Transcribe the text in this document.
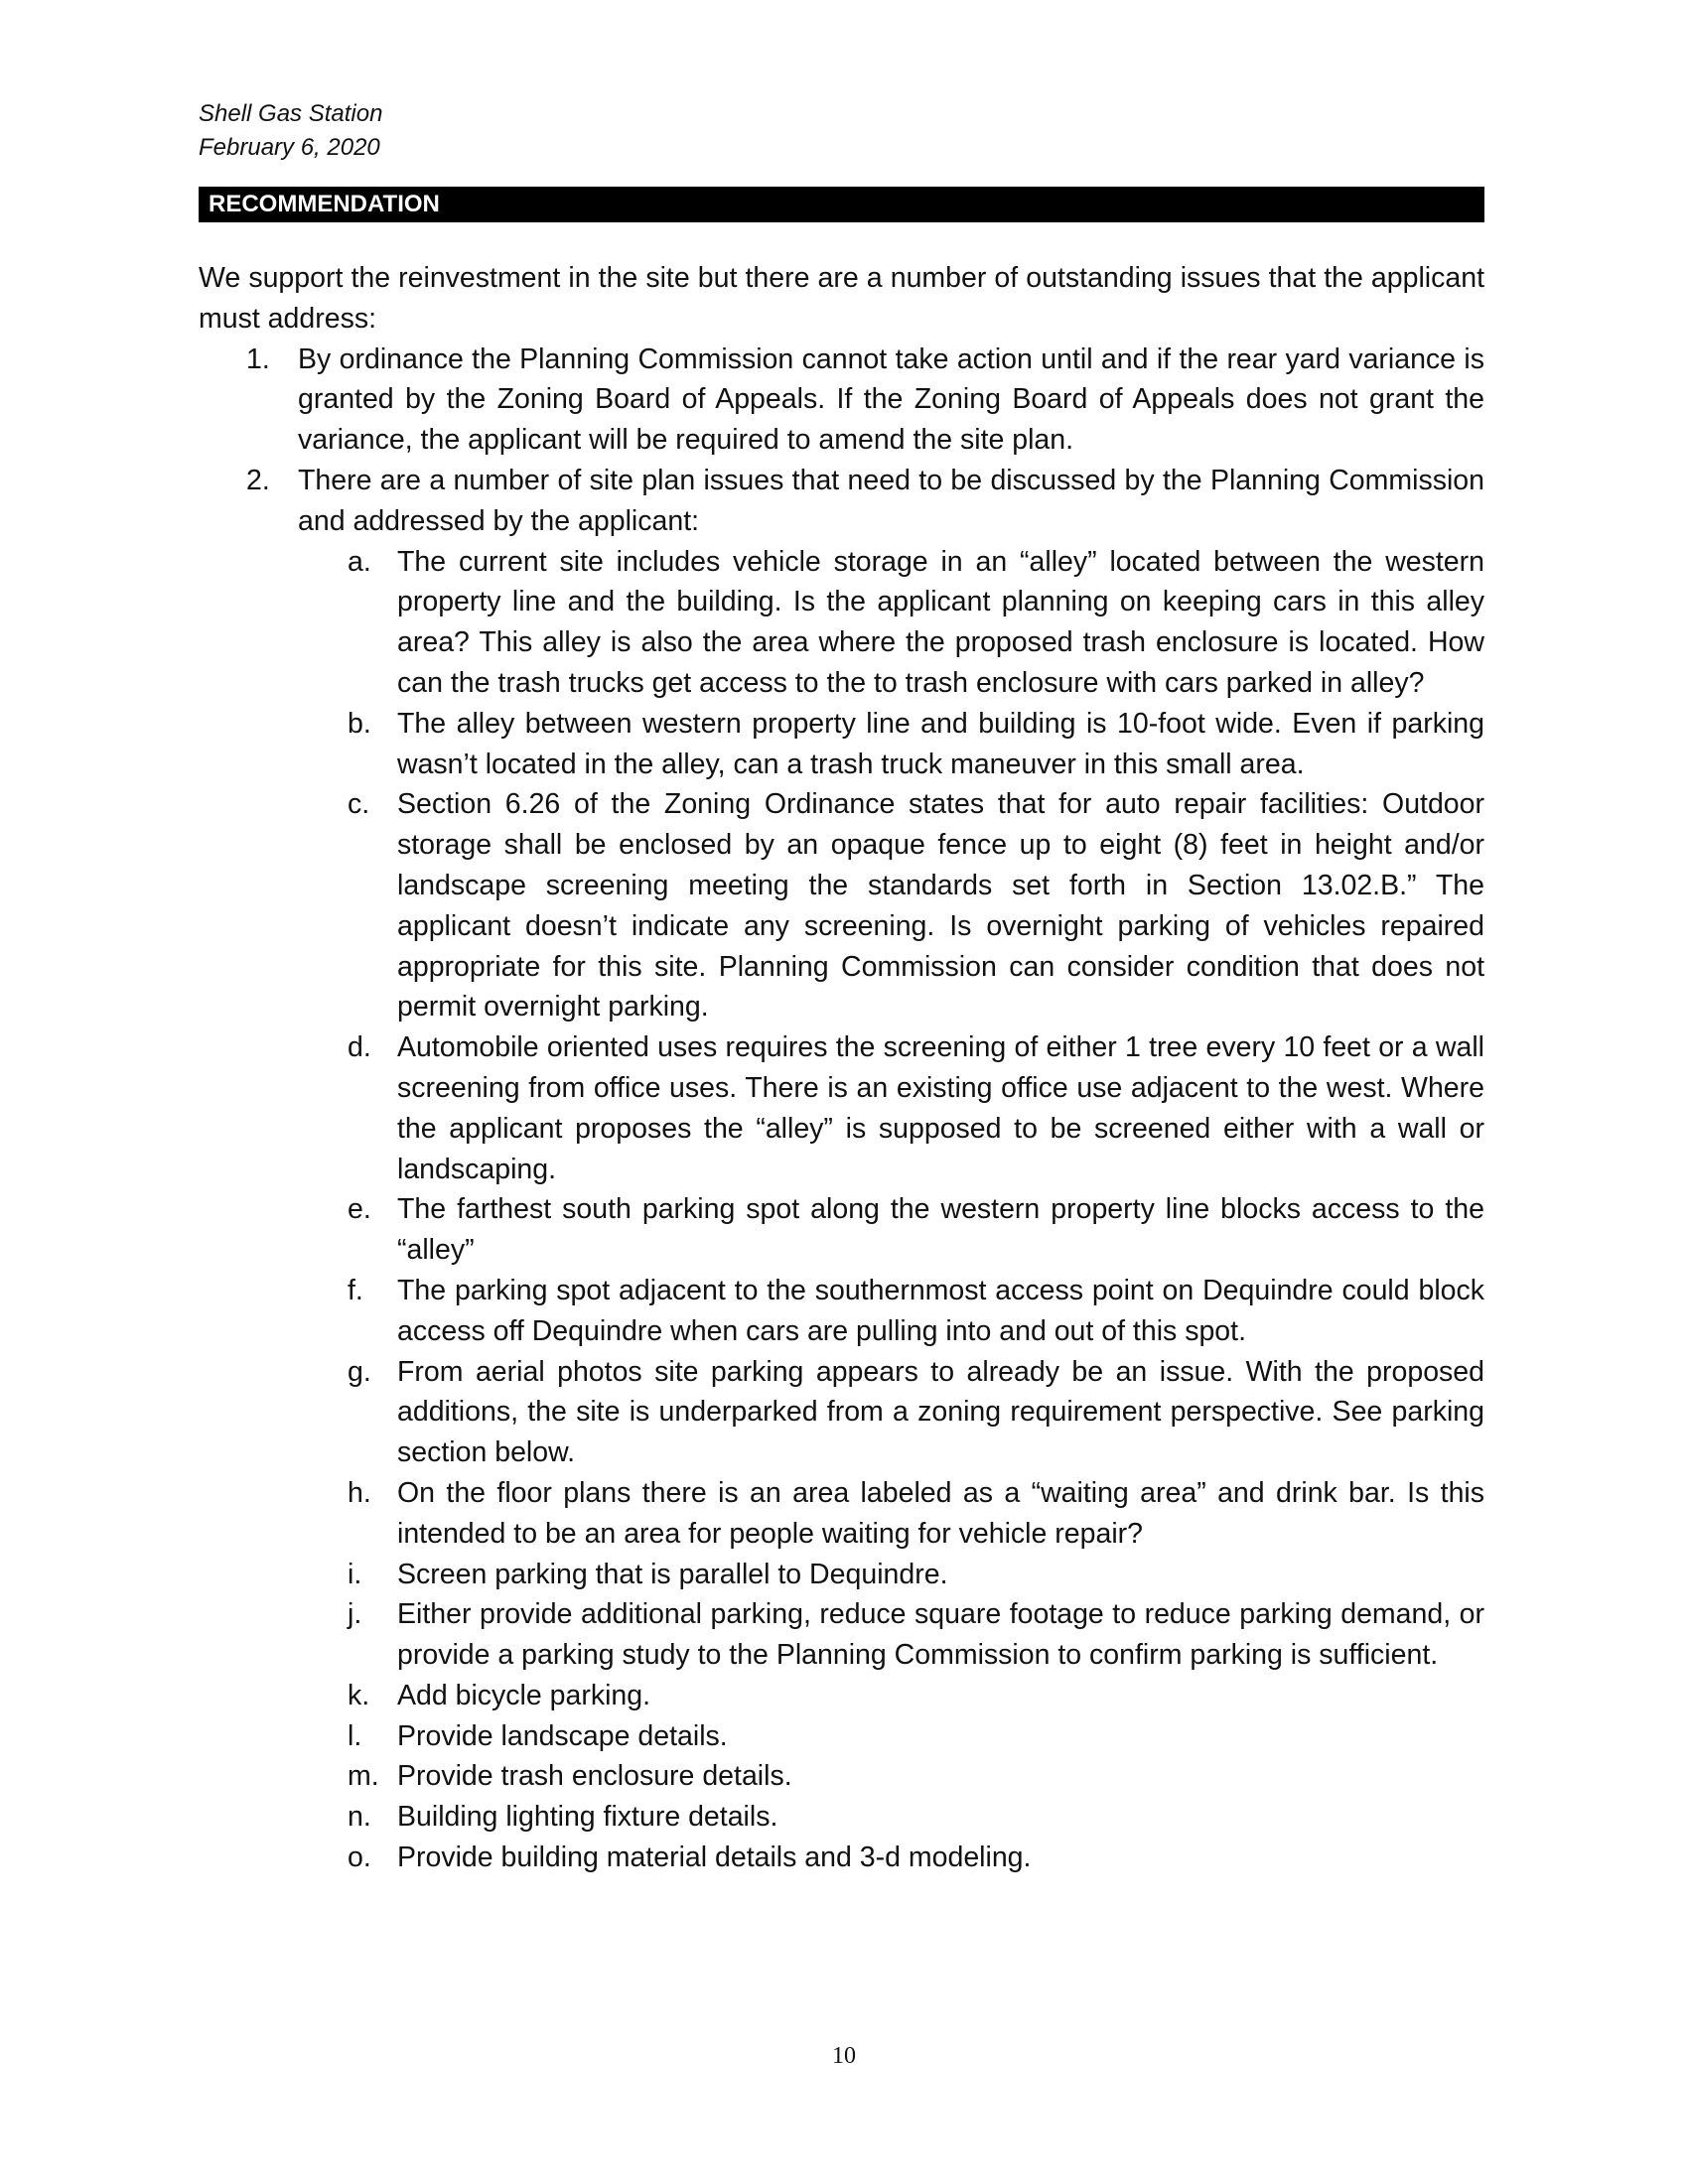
Shell Gas Station
February 6, 2020
RECOMMENDATION
We support the reinvestment in the site but there are a number of outstanding issues that the applicant must address:
1. By ordinance the Planning Commission cannot take action until and if the rear yard variance is granted by the Zoning Board of Appeals. If the Zoning Board of Appeals does not grant the variance, the applicant will be required to amend the site plan.
2. There are a number of site plan issues that need to be discussed by the Planning Commission and addressed by the applicant:
a. The current site includes vehicle storage in an “alley” located between the western property line and the building. Is the applicant planning on keeping cars in this alley area? This alley is also the area where the proposed trash enclosure is located. How can the trash trucks get access to the to trash enclosure with cars parked in alley?
b. The alley between western property line and building is 10-foot wide. Even if parking wasn’t located in the alley, can a trash truck maneuver in this small area.
c. Section 6.26 of the Zoning Ordinance states that for auto repair facilities: Outdoor storage shall be enclosed by an opaque fence up to eight (8) feet in height and/or landscape screening meeting the standards set forth in Section 13.02.B.” The applicant doesn’t indicate any screening. Is overnight parking of vehicles repaired appropriate for this site. Planning Commission can consider condition that does not permit overnight parking.
d. Automobile oriented uses requires the screening of either 1 tree every 10 feet or a wall screening from office uses. There is an existing office use adjacent to the west. Where the applicant proposes the “alley” is supposed to be screened either with a wall or landscaping.
e. The farthest south parking spot along the western property line blocks access to the “alley”
f. The parking spot adjacent to the southernmost access point on Dequindre could block access off Dequindre when cars are pulling into and out of this spot.
g. From aerial photos site parking appears to already be an issue. With the proposed additions, the site is underparked from a zoning requirement perspective. See parking section below.
h. On the floor plans there is an area labeled as a “waiting area” and drink bar. Is this intended to be an area for people waiting for vehicle repair?
i. Screen parking that is parallel to Dequindre.
j. Either provide additional parking, reduce square footage to reduce parking demand, or provide a parking study to the Planning Commission to confirm parking is sufficient.
k. Add bicycle parking.
l. Provide landscape details.
m. Provide trash enclosure details.
n. Building lighting fixture details.
o. Provide building material details and 3-d modeling.
10
